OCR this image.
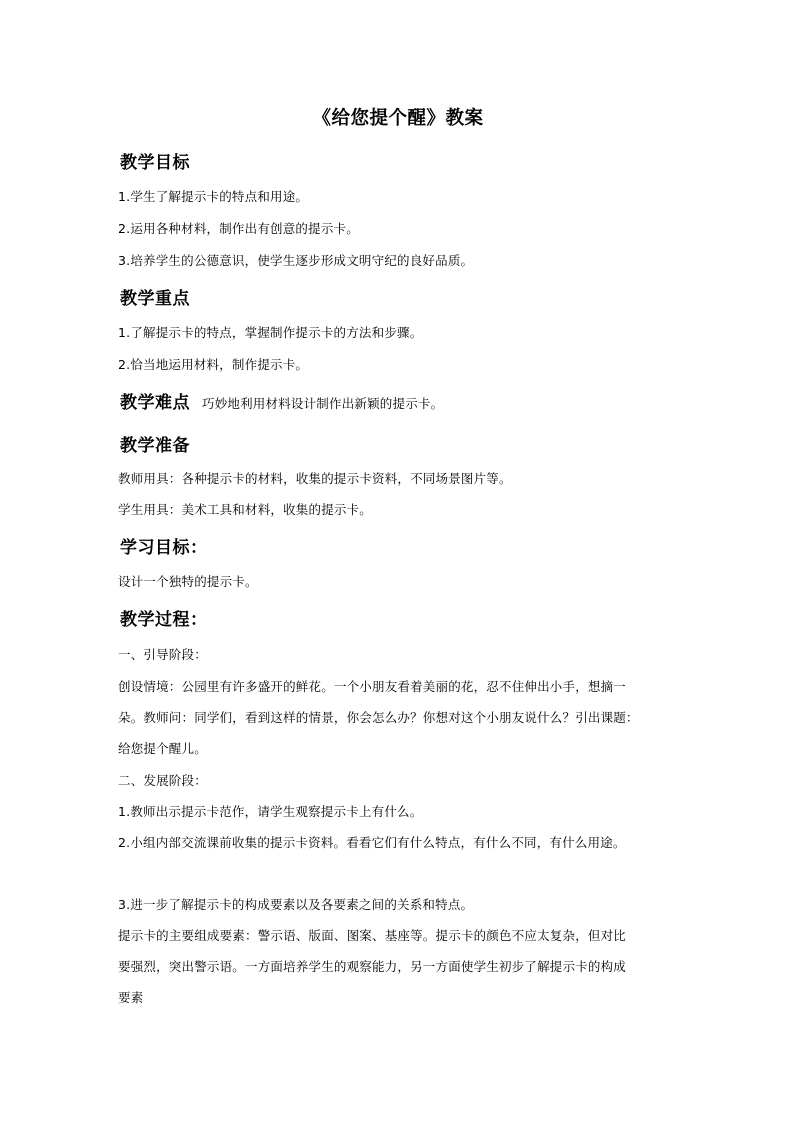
《给您提个醒》教案
教学目标
1.学生了解提示卡的特点和用途。
2.运用各种材料，制作出有创意的提示卡。
3.培养学生的公德意识，使学生逐步形成文明守纪的良好品质。
教学重点
1.了解提示卡的特点，掌握制作提示卡的方法和步骤。
2.恰当地运用材料，制作提示卡。
教学难点 巧妙地利用材料设计制作出新颖的提示卡。
教学准备
教师用具：各种提示卡的材料，收集的提示卡资料，不同场景图片等。
学生用具：美术工具和材料，收集的提示卡。
学习目标：
设计一个独特的提示卡。
教学过程：
一、引导阶段：
创设情境：公园里有许多盛开的鲜花。一个小朋友看着美丽的花，忍不住伸出小手，想摘一
朵。教师问：同学们，看到这样的情景，你会怎么办？你想对这个小朋友说什么？引出课题：
给您提个醒儿。
二、发展阶段：
1.教师出示提示卡范作，请学生观察提示卡上有什么。
2.小组内部交流课前收集的提示卡资料。看看它们有什么特点，有什么不同，有什么用途。
3.进一步了解提示卡的构成要素以及各要素之间的关系和特点。
提示卡的主要组成要素：警示语、版面、图案、基座等。提示卡的颜色不应太复杂，但对比
要强烈，突出警示语。一方面培养学生的观察能力，另一方面使学生初步了解提示卡的构成
要素
